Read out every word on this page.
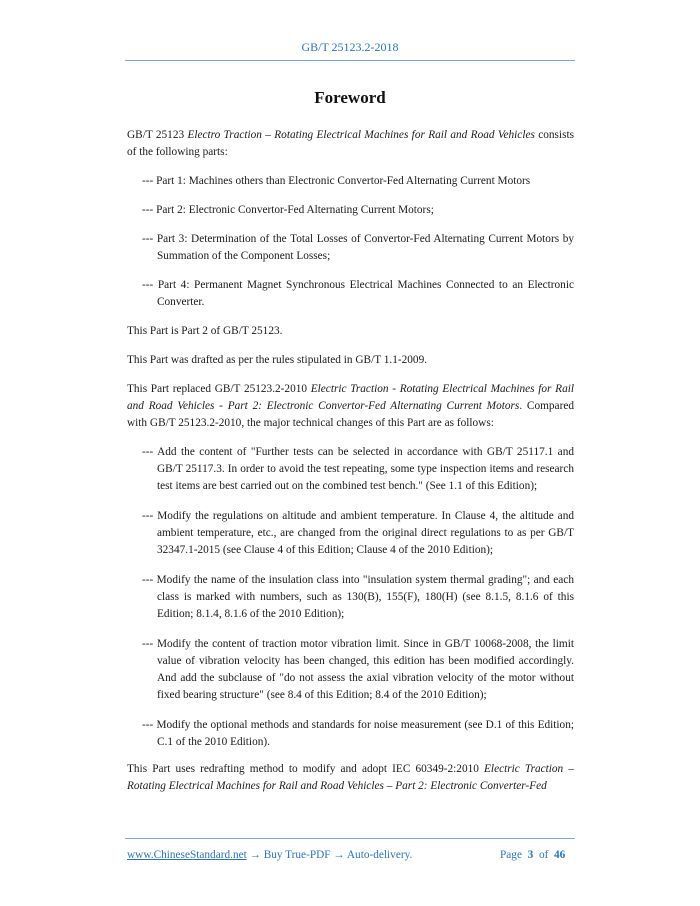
GB/T 25123.2-2018
Foreword

GB/T 25123 Electro Traction – Rotating Electrical Machines for Rail and Road Vehicles consists of the following parts:

--- Part 1: Machines others than Electronic Convertor-Fed Alternating Current Motors

--- Part 2: Electronic Convertor-Fed Alternating Current Motors;

--- Part 3: Determination of the Total Losses of Convertor-Fed Alternating Current Motors by Summation of the Component Losses;

--- Part 4: Permanent Magnet Synchronous Electrical Machines Connected to an Electronic Converter.

This Part is Part 2 of GB/T 25123.

This Part was drafted as per the rules stipulated in GB/T 1.1-2009.

This Part replaced GB/T 25123.2-2010 Electric Traction - Rotating Electrical Machines for Rail and Road Vehicles - Part 2: Electronic Convertor-Fed Alternating Current Motors. Compared with GB/T 25123.2-2010, the major technical changes of this Part are as follows:

--- Add the content of "Further tests can be selected in accordance with GB/T 25117.1 and GB/T 25117.3. In order to avoid the test repeating, some type inspection items and research test items are best carried out on the combined test bench." (See 1.1 of this Edition);

--- Modify the regulations on altitude and ambient temperature. In Clause 4, the altitude and ambient temperature, etc., are changed from the original direct regulations to as per GB/T 32347.1-2015 (see Clause 4 of this Edition; Clause 4 of the 2010 Edition);

--- Modify the name of the insulation class into "insulation system thermal grading"; and each class is marked with numbers, such as 130(B), 155(F), 180(H) (see 8.1.5, 8.1.6 of this Edition; 8.1.4, 8.1.6 of the 2010 Edition);

--- Modify the content of traction motor vibration limit. Since in GB/T 10068-2008, the limit value of vibration velocity has been changed, this edition has been modified accordingly. And add the subclause of "do not assess the axial vibration velocity of the motor without fixed bearing structure" (see 8.4 of this Edition; 8.4 of the 2010 Edition);

--- Modify the optional methods and standards for noise measurement (see D.1 of this Edition; C.1 of the 2010 Edition).

This Part uses redrafting method to modify and adopt IEC 60349-2:2010 Electric Traction – Rotating Electrical Machines for Rail and Road Vehicles – Part 2: Electronic Converter-Fed

www.ChineseStandard.net → Buy True-PDF → Auto-delivery.	Page 3 of 46
